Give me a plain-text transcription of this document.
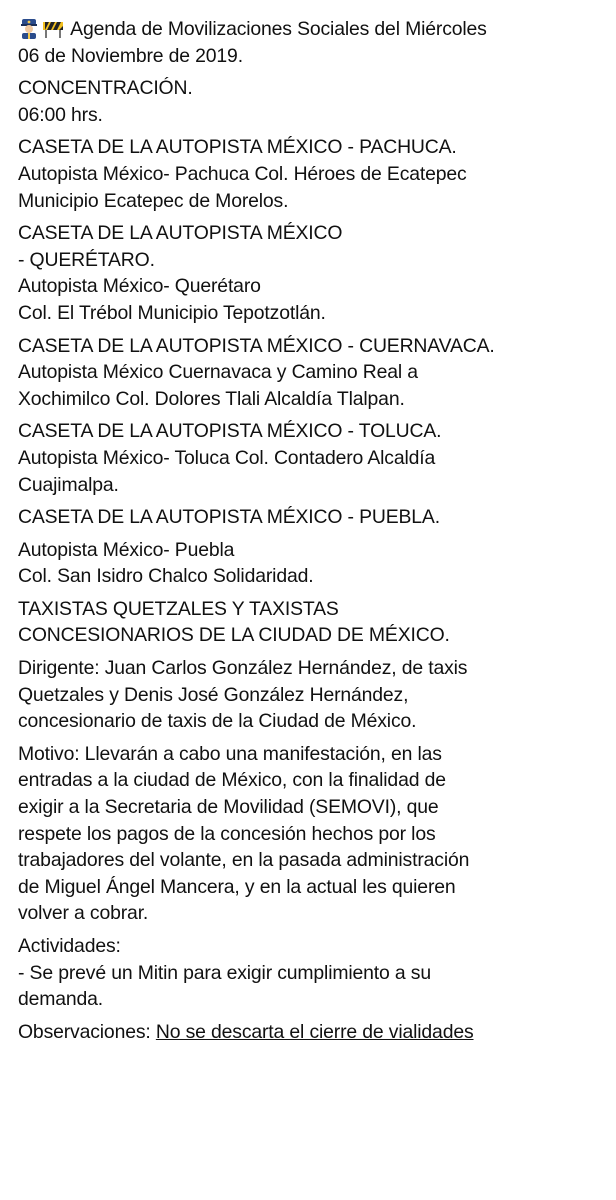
Agenda de Movilizaciones Sociales del Miércoles
06 de Noviembre de 2019.
CONCENTRACIÓN.
06:00 hrs.
CASETA DE LA AUTOPISTA MÉXICO - PACHUCA.
Autopista México- Pachuca Col. Héroes de Ecatepec
Municipio Ecatepec de Morelos.
CASETA DE LA AUTOPISTA MÉXICO
- QUERÉTARO.
Autopista México- Querétaro
Col. El Trébol Municipio Tepotzotlán.
CASETA DE LA AUTOPISTA MÉXICO - CUERNAVACA.
Autopista México Cuernavaca y Camino Real a
Xochimilco Col. Dolores Tlali Alcaldía Tlalpan.
CASETA DE LA AUTOPISTA MÉXICO - TOLUCA.
Autopista México- Toluca Col. Contadero Alcaldía
Cuajimalpa.
CASETA DE LA AUTOPISTA MÉXICO - PUEBLA.
Autopista México- Puebla
Col. San Isidro Chalco Solidaridad.
TAXISTAS QUETZALES Y TAXISTAS
CONCESIONARIOS DE LA CIUDAD DE MÉXICO.
Dirigente: Juan Carlos González Hernández, de taxis
Quetzales y Denis José González Hernández,
concesionario de taxis de la Ciudad de México.
Motivo: Llevarán a cabo una manifestación, en las
entradas a la ciudad de México, con la finalidad de
exigir a la Secretaria de Movilidad (SEMOVI), que
respete los pagos de la concesión hechos por los
trabajadores del volante, en la pasada administración
de Miguel Ángel Mancera, y en la actual les quieren
volver a cobrar.
Actividades:
- Se prevé un Mitin para exigir cumplimiento a su
demanda.
Observaciones: No se descarta el cierre de vialidades
